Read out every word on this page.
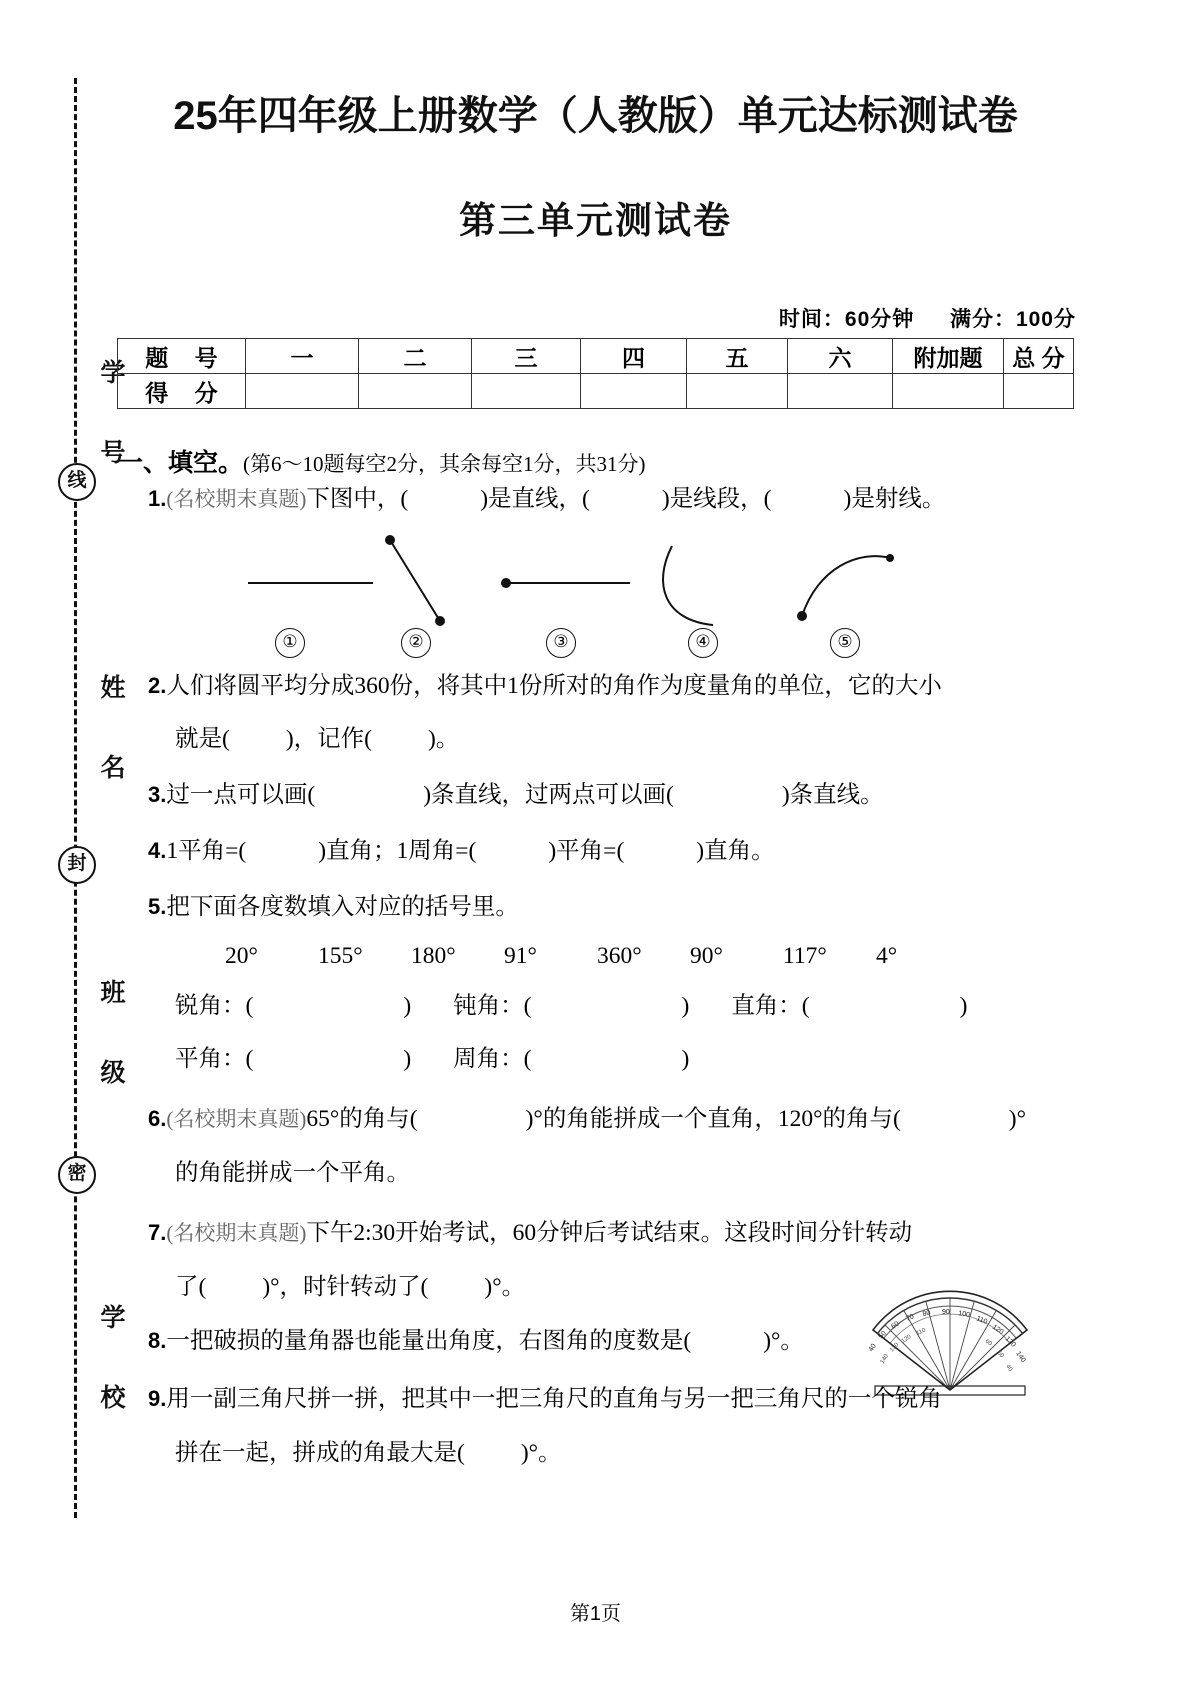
学 号
线
姓 名
封
班 级
密
学 校
25年四年级上册数学（人教版）单元达标测试卷
第三单元测试卷
时间：60分钟 满分：100分
题 号	一	二	三	四	五	六	附加题	总 分
得 分								
一、填空。(第6～10题每空2分，其余每空1分，共31分)
1.(名校期末真题)下图中，(	)是直线，(	)是线段，(	)是射线。
①	②	③	④	⑤
2.人们将圆平均分成360份，将其中1份所对的角作为度量角的单位，它的大小
就是( )，记作( )。
3.过一点可以画(	)条直线，过两点可以画(	)条直线。
4.1平角=(	)直角；1周角=(	)平角=(	)直角。
5.把下面各度数填入对应的括号里。
20°	155° 180° 91°	360° 90°	117° 4°
锐角：(	) 钝角：(	) 直角：(	)
平角：(	) 周角：(	)
6.(名校期末真题)65°的角与(	)°的角能拼成一个直角，120°的角与(	)°
的角能拼成一个平角。
7.(名校期末真题)下午2:30开始考试，60分钟后考试结束。这段时间分针转动
了( )°，时针转动了( )°。
40
50
60
70 80 90 100
110
120
130
140
140
130
120
110
60
50
40
8.一把破损的量角器也能量出角度，右图角的度数是(	)°。
9.用一副三角尺拼一拼，把其中一把三角尺的直角与另一把三角尺的一个锐角
拼在一起，拼成的角最大是( )°。
第1页
